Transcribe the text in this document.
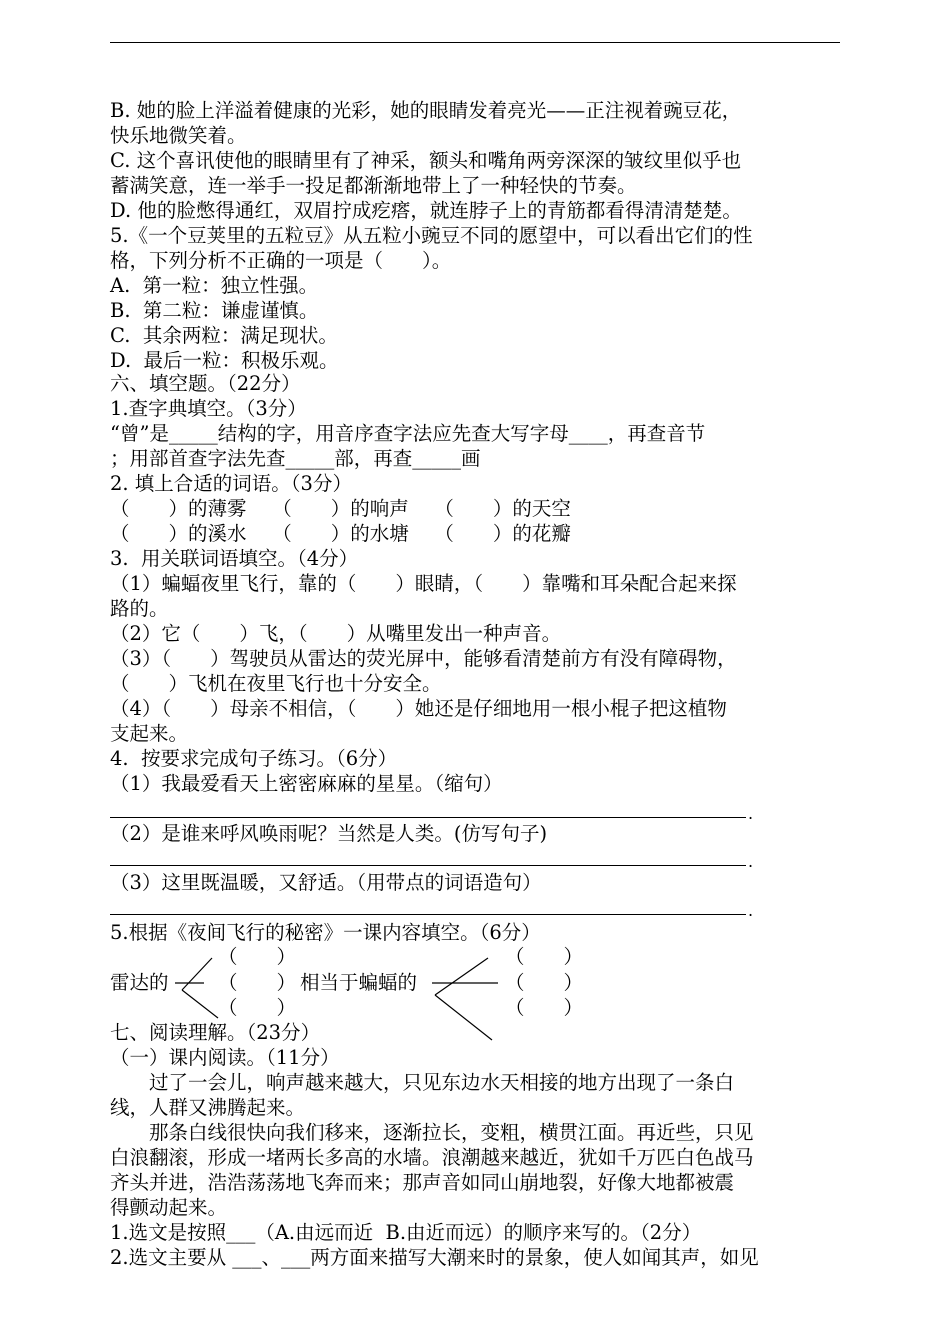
B. 她的脸上洋溢着健康的光彩，她的眼睛发着亮光——正注视着豌豆花，
快乐地微笑着。
C. 这个喜讯使他的眼睛里有了神采，额头和嘴角两旁深深的皱纹里似乎也
蓄满笑意，连一举手一投足都渐渐地带上了一种轻快的节奏。
D. 他的脸憋得通红，双眉拧成疙瘩，就连脖子上的青筋都看得清清楚楚。
5.《一个豆荚里的五粒豆》从五粒小豌豆不同的愿望中，可以看出它们的性
格，下列分析不正确的一项是（　　）。
A.  第一粒：独立性强。
B.  第二粒：谦虚谨慎。
C.  其余两粒：满足现状。
D.  最后一粒：积极乐观。
六、填空题。（22分）
1.查字典填空。（3分）
“曾”是_____结构的字，用音序查字法应先查大写字母____，再查音节
；用部首查字法先查_____部，再查_____画
2. 填上合适的词语。（3分）
（　　）的薄雾　 （　　）的响声　 （　　）的天空
（　　）的溪水　 （　　）的水塘　 （　　）的花瓣
3.  用关联词语填空。（4分）
（1）蝙蝠夜里飞行，靠的（　　）眼睛，（　　）靠嘴和耳朵配合起来探
路的。
（2）它（　　）飞，（　　）从嘴里发出一种声音。
（3）（　　）驾驶员从雷达的荧光屏中，能够看清楚前方有没有障碍物，
（　　）飞机在夜里飞行也十分安全。
（4）（　　）母亲不相信，（　　）她还是仔细地用一根小棍子把这植物
支起来。
4.  按要求完成句子练习。（6分）
（1）我最爱看天上密密麻麻的星星。（缩句）
.
（2）是谁来呼风唤雨呢？当然是人类。(仿写句子)
.
（3）这里既温暖，又舒适。（用带点的词语造句）
.
5.根据《夜间飞行的秘密》一课内容填空。（6分）
（　　）
（　　）
（　　）
雷达的	相当于蝙蝠的
（　　）
（　　）
（　　）
七、阅读理解。（23分）
（一）课内阅读。（11分）
　　过了一会儿，响声越来越大，只见东边水天相接的地方出现了一条白
线，人群又沸腾起来。
　　那条白线很快向我们移来，逐渐拉长，变粗，横贯江面。再近些，只见
白浪翻滚，形成一堵两长多高的水墙。浪潮越来越近，犹如千万匹白色战马
齐头并进，浩浩荡荡地飞奔而来；那声音如同山崩地裂，好像大地都被震
得颤动起来。
1.选文是按照___（A.由远而近  B.由近而远）的顺序来写的。（2分）
2.选文主要从 ___、___两方面来描写大潮来时的景象，使人如闻其声，如见
